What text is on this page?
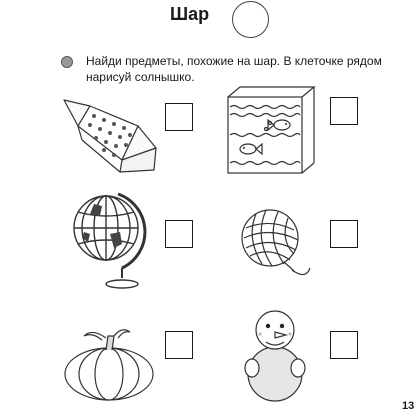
Шар
Найди предметы, похожие на шар. В клеточке рядом нарисуй солнышко.
13
